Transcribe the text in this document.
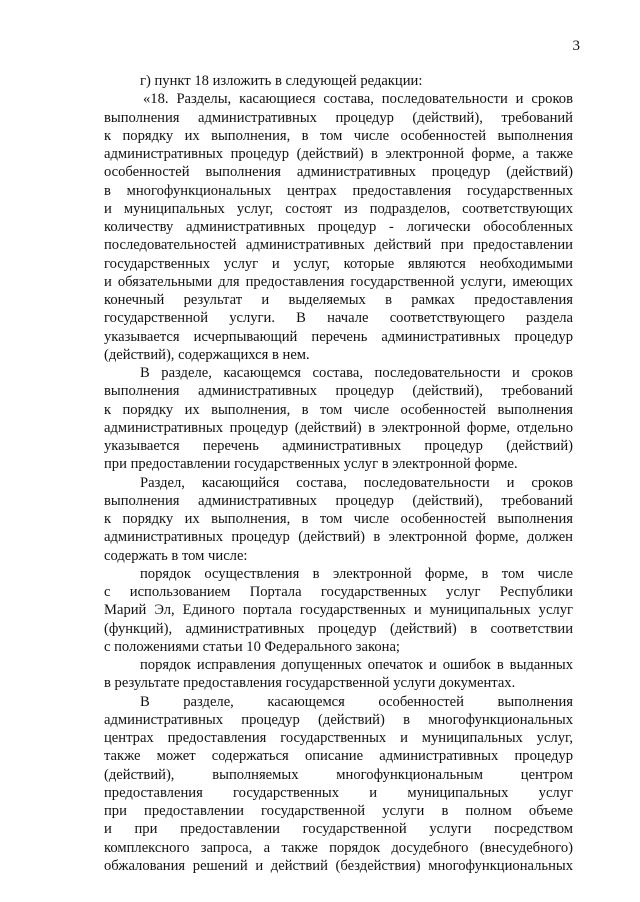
3
г) пункт 18 изложить в следующей редакции:
«18. Разделы, касающиеся состава, последовательности и сроков
выполнения административных процедур (действий), требований
к порядку их выполнения, в том числе особенностей выполнения
административных процедур (действий) в электронной форме, а также
особенностей выполнения административных процедур (действий)
в многофункциональных центрах предоставления государственных
и муниципальных услуг, состоят из подразделов, соответствующих
количеству административных процедур - логически обособленных
последовательностей административных действий при предоставлении
государственных услуг и услуг, которые являются необходимыми
и обязательными для предоставления государственной услуги, имеющих
конечный результат и выделяемых в рамках предоставления
государственной услуги. В начале соответствующего раздела
указывается исчерпывающий перечень административных процедур
(действий), содержащихся в нем.
В разделе, касающемся состава, последовательности и сроков
выполнения административных процедур (действий), требований
к порядку их выполнения, в том числе особенностей выполнения
административных процедур (действий) в электронной форме, отдельно
указывается перечень административных процедур (действий)
при предоставлении государственных услуг в электронной форме.
Раздел, касающийся состава, последовательности и сроков
выполнения административных процедур (действий), требований
к порядку их выполнения, в том числе особенностей выполнения
административных процедур (действий) в электронной форме, должен
содержать в том числе:
порядок осуществления в электронной форме, в том числе
с использованием Портала государственных услуг Республики
Марий Эл, Единого портала государственных и муниципальных услуг
(функций), административных процедур (действий) в соответствии
с положениями статьи 10 Федерального закона;
порядок исправления допущенных опечаток и ошибок в выданных
в результате предоставления государственной услуги документах.
В разделе, касающемся особенностей выполнения
административных процедур (действий) в многофункциональных
центрах предоставления государственных и муниципальных услуг,
также может содержаться описание административных процедур
(действий), выполняемых многофункциональным центром
предоставления государственных и муниципальных услуг
при предоставлении государственной услуги в полном объеме
и при предоставлении государственной услуги посредством
комплексного запроса, а также порядок досудебного (внесудебного)
обжалования решений и действий (бездействия) многофункциональных
